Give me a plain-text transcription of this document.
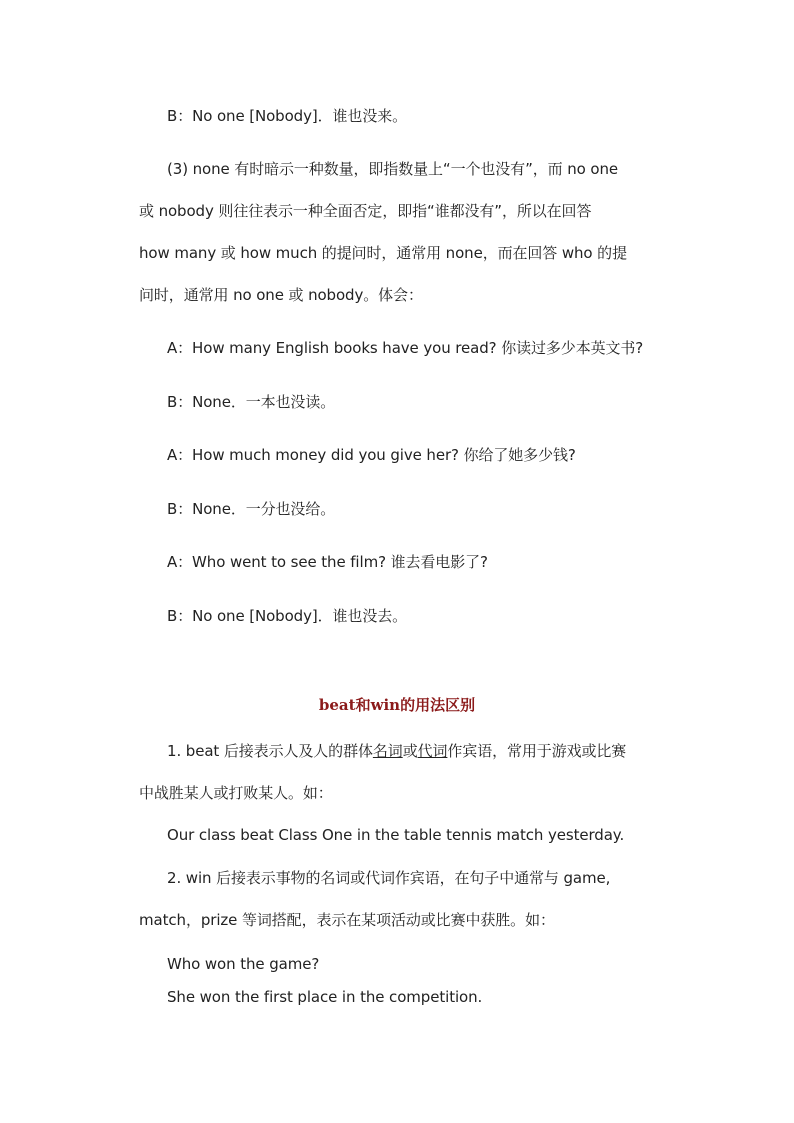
B：No one [Nobody]．谁也没来。
(3) none 有时暗示一种数量，即指数量上“一个也没有”，而 no one
或 nobody 则往往表示一种全面否定，即指“谁都没有”，所以在回答
how many 或 how much 的提问时，通常用 none，而在回答 who 的提
问时，通常用 no one 或 nobody。体会：
A：How many English books have you read? 你读过多少本英文书?
B：None．一本也没读。
A：How much money did you give her? 你给了她多少钱?
B：None．一分也没给。
A：Who went to see the film? 谁去看电影了?
B：No one [Nobody]．谁也没去。
beat和win的用法区别
1. beat 后接表示人及人的群体名词或代词作宾语，常用于游戏或比赛
中战胜某人或打败某人。如：
Our class beat Class One in the table tennis match yesterday.
2. win 后接表示事物的名词或代词作宾语，在句子中通常与 game,
match，prize 等词搭配，表示在某项活动或比赛中获胜。如：
Who won the game?
She won the first place in the competition.
